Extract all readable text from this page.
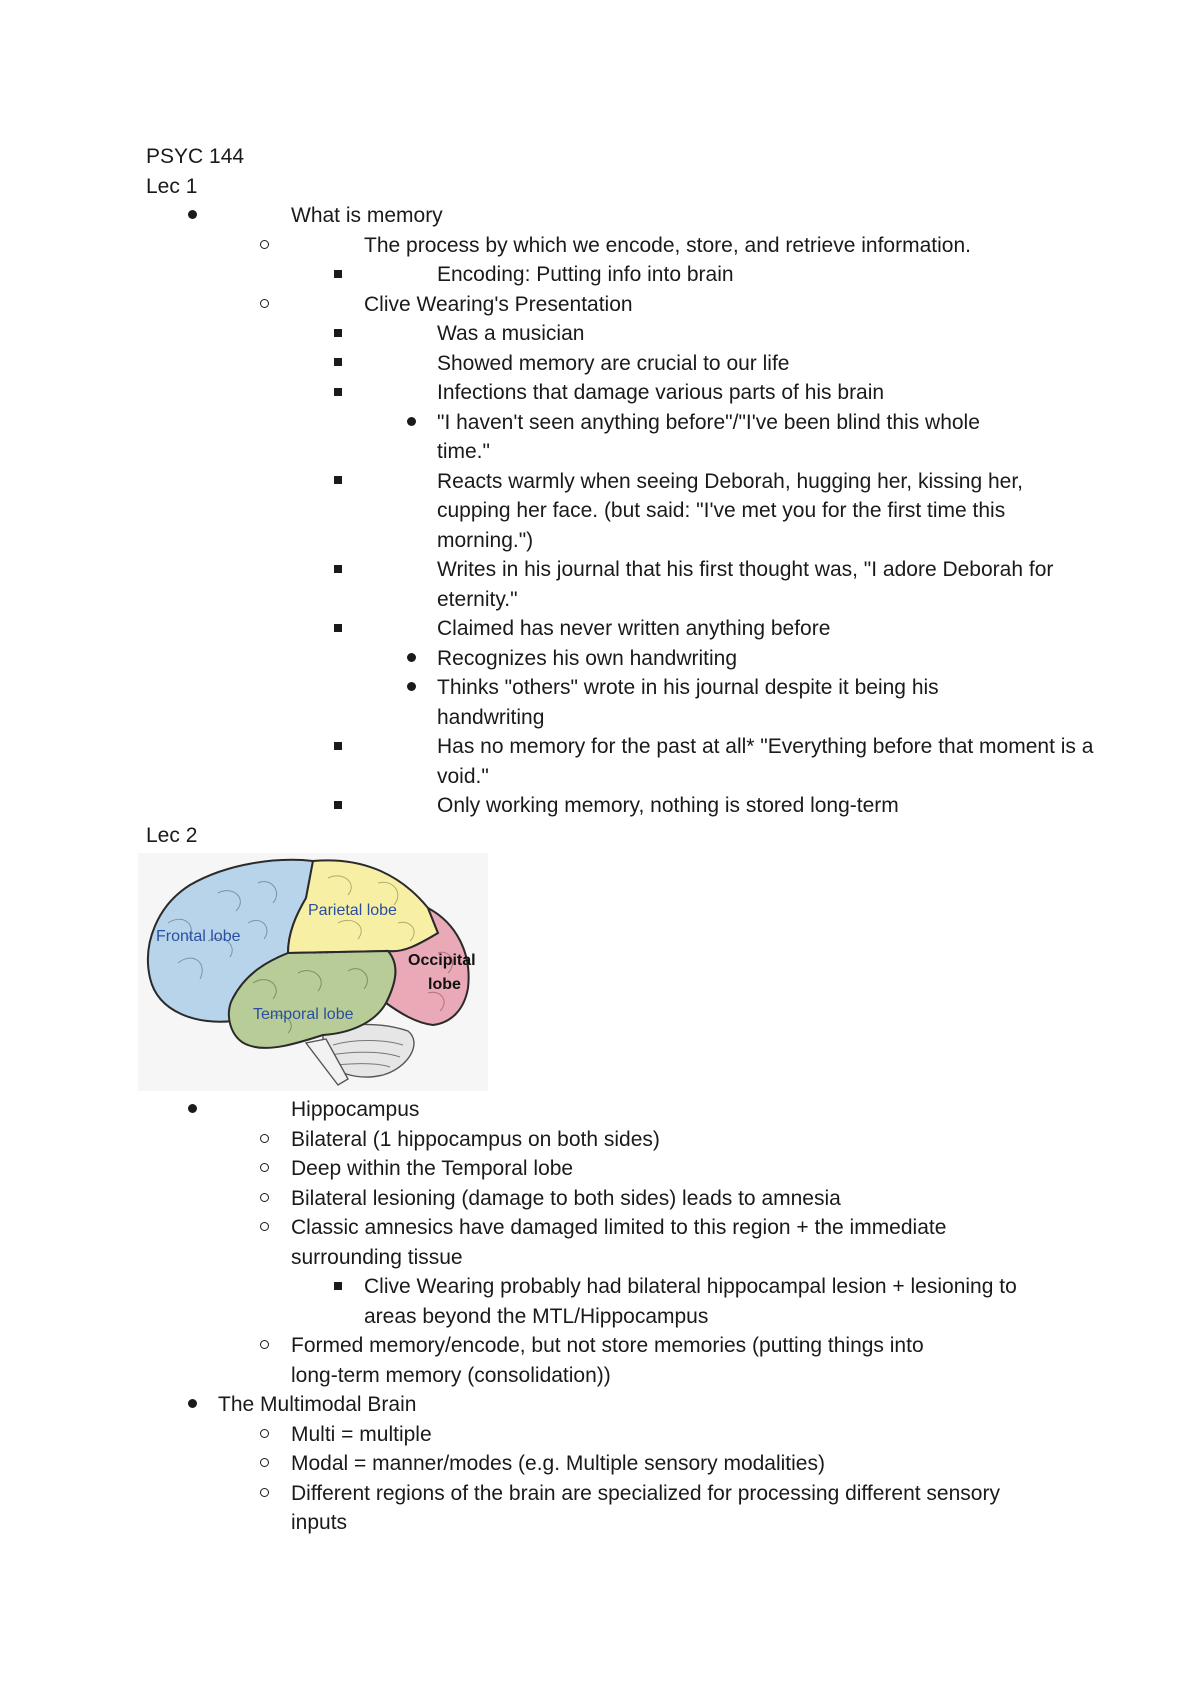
PSYC 144
Lec 1
What is memory
The process by which we encode, store, and retrieve information.
Encoding: Putting info into brain
Clive Wearing's Presentation
Was a musician
Showed memory are crucial to our life
Infections that damage various parts of his brain
"I haven't seen anything before"/"I've been blind this whole time."
Reacts warmly when seeing Deborah, hugging her, kissing her, cupping her face. (but said: "I've met you for the first time this morning.")
Writes in his journal that his first thought was, "I adore Deborah for eternity."
Claimed has never written anything before
Recognizes his own handwriting
Thinks "others" wrote in his journal despite it being his handwriting
Has no memory for the past at all* "Everything before that moment is a void."
Only working memory, nothing is stored long-term
Lec 2
Frontal lobe
Parietal lobe
Occipital
lobe
Temporal lobe
Hippocampus
Bilateral (1 hippocampus on both sides)
Deep within the Temporal lobe
Bilateral lesioning (damage to both sides) leads to amnesia
Classic amnesics have damaged limited to this region + the immediate surrounding tissue
Clive Wearing probably had bilateral hippocampal lesion + lesioning to areas beyond the MTL/Hippocampus
Formed memory/encode, but not store memories (putting things into long-term memory (consolidation))
The Multimodal Brain
Multi = multiple
Modal = manner/modes (e.g. Multiple sensory modalities)
Different regions of the brain are specialized for processing different sensory inputs
